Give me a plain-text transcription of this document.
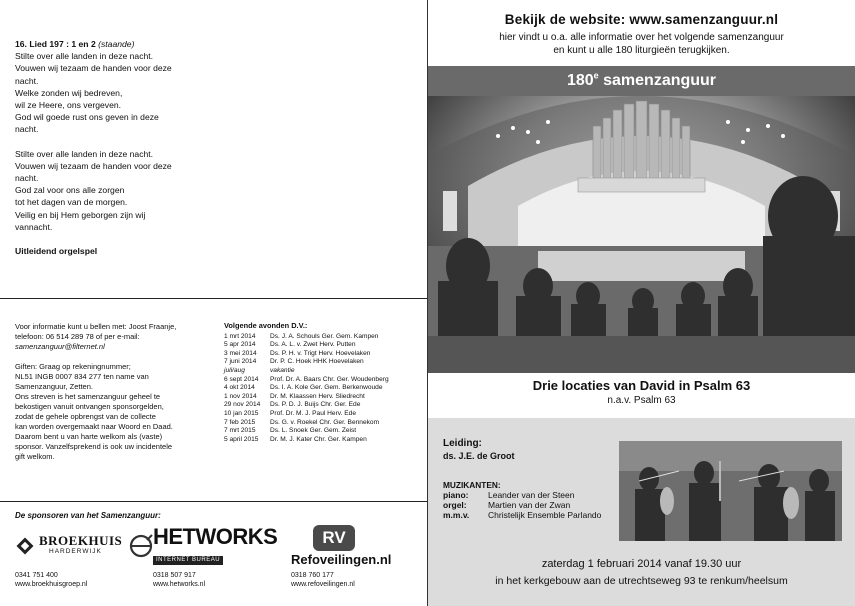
16. Lied 197 : 1 en 2 (staande)
Stilte over alle landen in deze nacht.
Vouwen wij tezaam de handen voor deze
nacht.
Welke zonden wij bedreven,
wil ze Heere, ons vergeven.
God wil goede rust ons geven in deze
nacht.
Stilte over alle landen in deze nacht.
Vouwen wij tezaam de handen voor deze
nacht.
God zal voor ons alle zorgen
tot het dagen van de morgen.
Veilig en bij Hem geborgen zijn wij
vannacht.
Uitleidend orgelspel
Voor informatie kunt u bellen met: Joost Fraanje,
telefoon: 06 514 289 78 of per e-mail:
samenzanguur@filternet.nl
Giften: Graag op rekeningnummer;
NL51 INGB 0007 834 277 ten name van
Samenzanguur, Zetten.
Ons streven is het samenzanguur geheel te
bekostigen vanuit ontvangen sponsorgelden,
zodat de gehele opbrengst van de collecte
kan worden overgemaakt naar Woord en Daad.
Daarom bent u van harte welkom als (vaste)
sponsor. Vanzelfsprekend is ook uw incidentele
gift welkom.
Volgende avonden D.V.:
1 mrt 2014	Ds. J. A. Schouls Ger. Gem. Kampen
5 apr 2014	Ds. A. L. v. Zwet Herv. Putten
3 mei 2014	Ds. P. H. v. Trigt Herv. Hoevelaken
7 juni 2014	Dr. P. C. Hoek HHK Hoevelaken
juli/aug	vakantie
6 sept 2014	Prof. Dr. A. Baars Chr. Ger. Woudenberg
4 okt 2014	Ds. I. A. Kole Ger. Gem. Berkenwoude
1 nov 2014	Dr. M. Klaassen Herv. Sliedrecht
29 nov 2014	Ds. P. D. J. Buijs Chr. Ger. Ede
10 jan 2015	Prof. Dr. M. J. Paul Herv. Ede
7 feb 2015	Ds. G. v. Roekel Chr. Ger. Bennekom
7 mrt 2015	Ds. L. Snoek Ger. Gem. Zeist
5 april 2015	Dr. M. J. Kater Chr. Ger. Kampen
De sponsoren van het Samenzanguur:
BROEKHUIS
HARDERWIJK
0341 751 400
www.broekhuisgroep.nl
HETWORKS
INTERNET BUREAU
0318 507 917
www.hetworks.nl
RV
Refoveilingen.nl
0318 760 177
www.refoveilingen.nl
Bekijk de website: www.samenzanguur.nl
hier vindt u o.a. alle informatie over het volgende samenzanguur
en kunt u alle 180 liturgieën terugkijken.
180e samenzanguur
Drie locaties van David in Psalm 63
n.a.v. Psalm 63
Leiding:
ds. J.E. de Groot
MUZIKANTEN:
piano:	Leander van der Steen
orgel:	Martien van der Zwan
m.m.v.	Christelijk Ensemble Parlando
zaterdag 1 februari 2014 vanaf 19.30 uur
in het kerkgebouw aan de utrechtseweg 93 te renkum/heelsum
